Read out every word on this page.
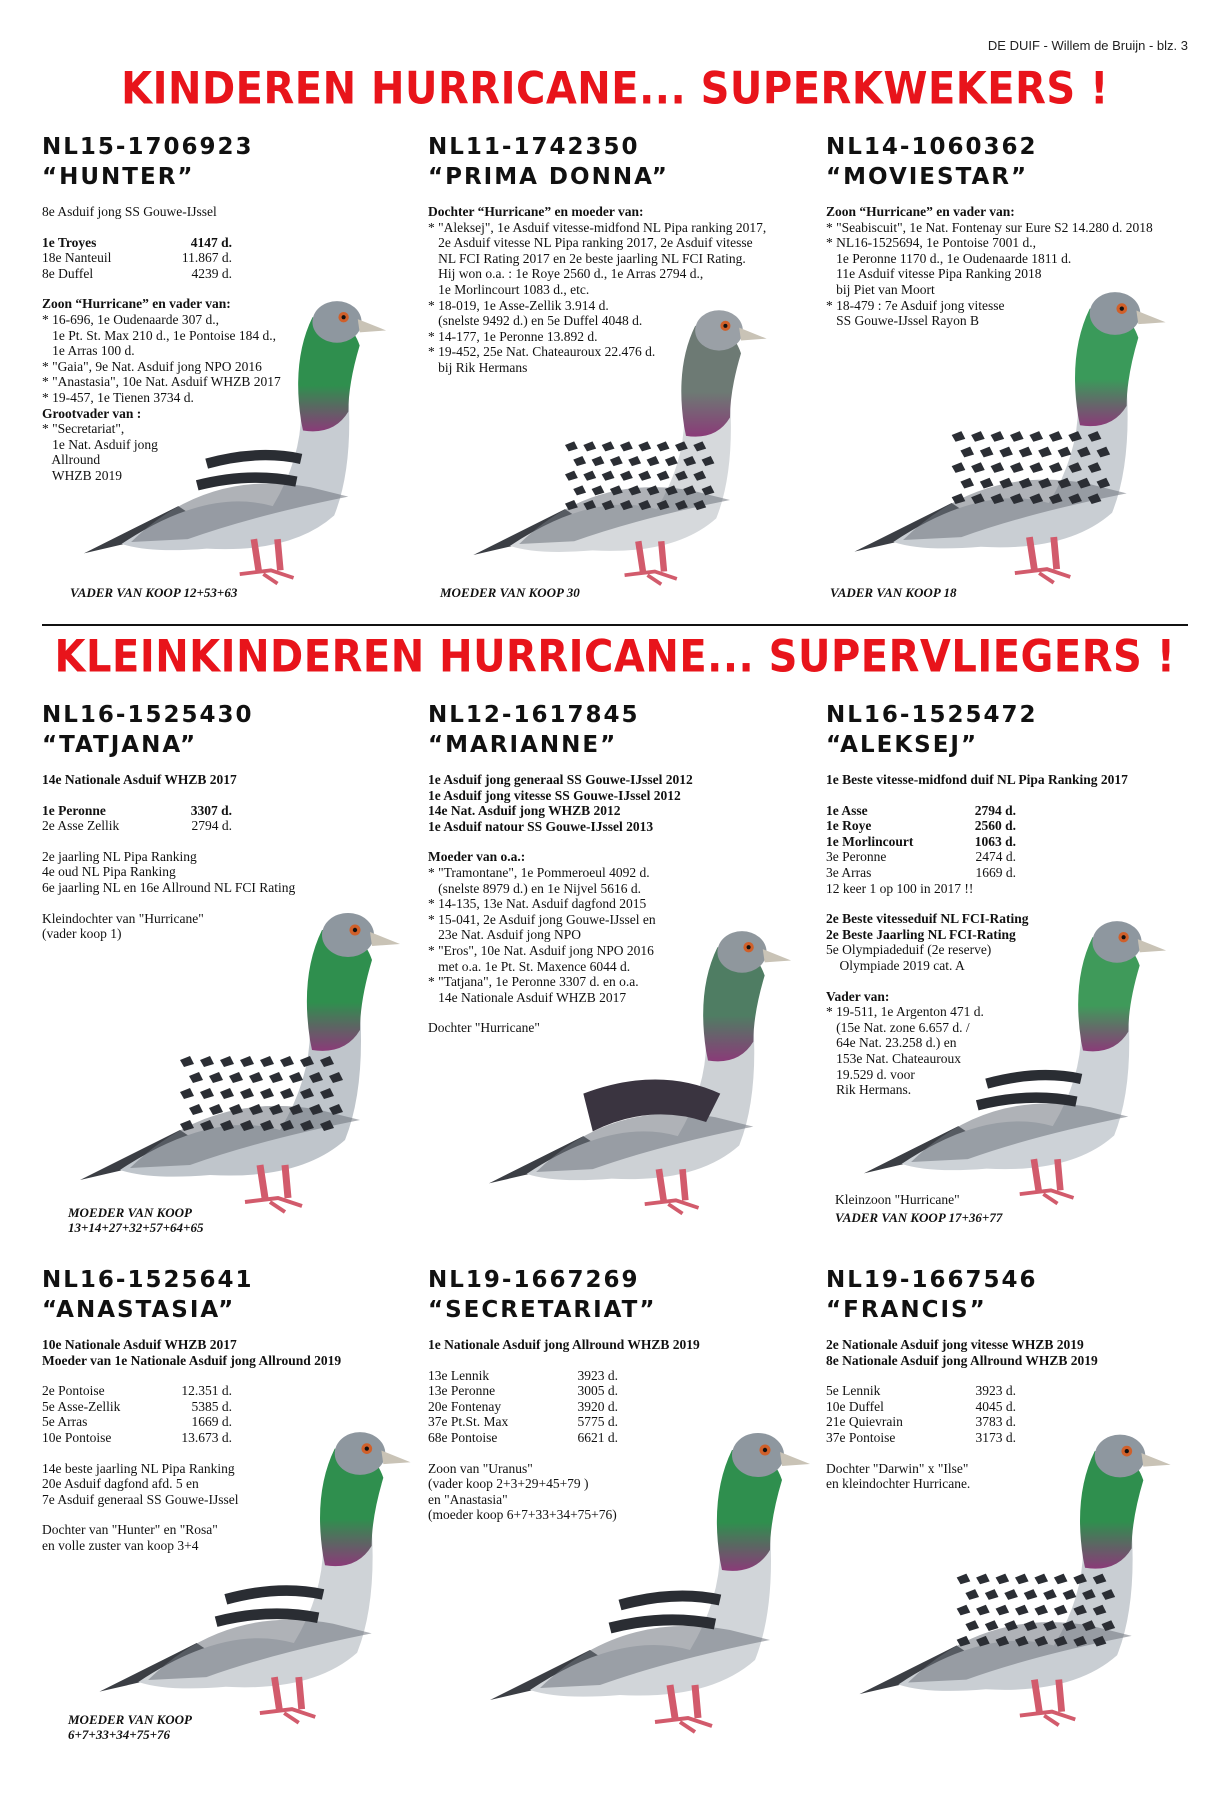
DE DUIF - Willem de Bruijn - blz. 3
KINDEREN HURRICANE... SUPERKWEKERS !
KLEINKINDEREN HURRICANE... SUPERVLIEGERS !
NL15-1706923
“HUNTER”
8e Asduif jong SS Gouwe-IJssel
1e Troyes	4147 d.
18e Nanteuil	11.867 d.
8e Duffel	4239 d.
Zoon “Hurricane” en vader van:
* 16-696, 1e Oudenaarde 307 d.,
1e Pt. St. Max 210 d., 1e Pontoise 184 d.,
1e Arras 100 d.
* "Gaia", 9e Nat. Asduif jong NPO 2016
* "Anastasia", 10e Nat. Asduif WHZB 2017
* 19-457, 1e Tienen 3734 d.
Grootvader van :
* "Secretariat",
1e Nat. Asduif jong
Allround
WHZB 2019
VADER VAN KOOP 12+53+63
NL11-1742350
“PRIMA DONNA”
Dochter “Hurricane” en moeder van:
* "Aleksej", 1e Asduif vitesse-midfond NL Pipa ranking 2017,
2e Asduif vitesse NL Pipa ranking 2017, 2e Asduif vitesse
NL FCI Rating 2017 en 2e beste jaarling NL FCI Rating.
Hij won o.a. : 1e Roye 2560 d., 1e Arras 2794 d.,
1e Morlincourt 1083 d., etc.
* 18-019, 1e Asse-Zellik 3.914 d.
(snelste 9492 d.) en 5e Duffel 4048 d.
* 14-177, 1e Peronne 13.892 d.
* 19-452, 25e Nat. Chateauroux 22.476 d.
bij Rik Hermans
MOEDER VAN KOOP 30
NL14-1060362
“MOVIESTAR”
Zoon “Hurricane” en vader van:
* "Seabiscuit", 1e Nat. Fontenay sur Eure S2 14.280 d. 2018
* NL16-1525694, 1e Pontoise 7001 d.,
1e Peronne 1170 d., 1e Oudenaarde 1811 d.
11e Asduif vitesse Pipa Ranking 2018
bij Piet van Moort
* 18-479 : 7e Asduif jong vitesse
SS Gouwe-IJssel Rayon B
VADER VAN KOOP 18
NL16-1525430
“TATJANA”
14e Nationale Asduif WHZB 2017
1e Peronne	3307 d.
2e Asse Zellik	2794 d.
2e jaarling NL Pipa Ranking
4e oud NL Pipa Ranking
6e jaarling NL en 16e Allround NL FCI Rating
Kleindochter van "Hurricane"
(vader koop 1)
MOEDER VAN KOOP
13+14+27+32+57+64+65
NL12-1617845
“MARIANNE”
1e Asduif jong generaal SS Gouwe-IJssel 2012
1e Asduif jong vitesse SS Gouwe-IJssel 2012
14e Nat. Asduif jong WHZB 2012
1e Asduif natour SS Gouwe-IJssel 2013
Moeder van o.a.:
* "Tramontane", 1e Pommeroeul 4092 d.
(snelste 8979 d.) en 1e Nijvel 5616 d.
* 14-135, 13e Nat. Asduif dagfond 2015
* 15-041, 2e Asduif jong Gouwe-IJssel en
23e Nat. Asduif jong NPO
* "Eros", 10e Nat. Asduif jong NPO 2016
met o.a. 1e Pt. St. Maxence 6044 d.
* "Tatjana", 1e Peronne 3307 d. en o.a.
14e Nationale Asduif WHZB 2017
Dochter "Hurricane"
NL16-1525472
“ALEKSEJ”
1e Beste vitesse-midfond duif NL Pipa Ranking 2017
1e Asse	2794 d.
1e Roye	2560 d.
1e Morlincourt	1063 d.
3e Peronne	2474 d.
3e Arras	1669 d.
12 keer 1 op 100 in 2017 !!
2e Beste vitesseduif NL FCI-Rating
2e Beste Jaarling NL FCI-Rating
5e Olympiadeduif (2e reserve)
Olympiade 2019 cat. A
Vader van:
* 19-511, 1e Argenton 471 d.
(15e Nat. zone 6.657 d. /
64e Nat. 23.258 d.) en
153e Nat. Chateauroux
19.529 d. voor
Rik Hermans.
Kleinzoon "Hurricane"
VADER VAN KOOP 17+36+77
NL16-1525641
“ANASTASIA”
10e Nationale Asduif WHZB 2017
Moeder van 1e Nationale Asduif jong Allround 2019
2e Pontoise	12.351 d.
5e Asse-Zellik	5385 d.
5e Arras	1669 d.
10e Pontoise	13.673 d.
14e beste jaarling NL Pipa Ranking
20e Asduif dagfond afd. 5 en
7e Asduif generaal SS Gouwe-IJssel
Dochter van "Hunter" en "Rosa"
en volle zuster van koop 3+4
MOEDER VAN KOOP
6+7+33+34+75+76
NL19-1667269
“SECRETARIAT”
1e Nationale Asduif jong Allround WHZB 2019
13e Lennik	3923 d.
13e Peronne	3005 d.
20e Fontenay	3920 d.
37e Pt.St. Max	5775 d.
68e Pontoise	6621 d.
Zoon van "Uranus"
(vader koop 2+3+29+45+79 )
en "Anastasia"
(moeder koop 6+7+33+34+75+76)
NL19-1667546
“FRANCIS”
2e Nationale Asduif jong vitesse WHZB 2019
8e Nationale Asduif jong Allround WHZB 2019
5e Lennik	3923 d.
10e Duffel	4045 d.
21e Quievrain	3783 d.
37e Pontoise	3173 d.
Dochter "Darwin" x "Ilse"
en kleindochter Hurricane.
